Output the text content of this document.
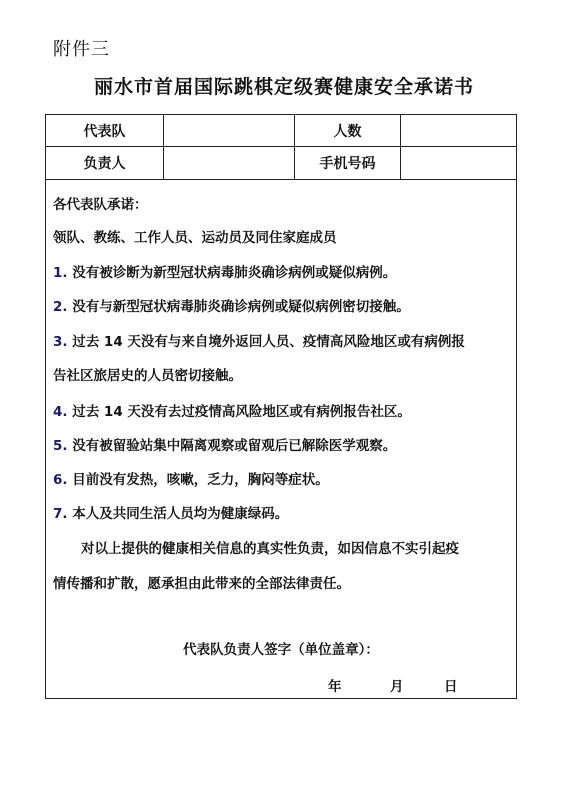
附件三
丽水市首届国际跳棋定级赛健康安全承诺书
代表队	人数
负责人	手机号码
各代表队承诺：
领队、教练、工作人员、运动员及同住家庭成员
1. 没有被诊断为新型冠状病毒肺炎确诊病例或疑似病例。
2. 没有与新型冠状病毒肺炎确诊病例或疑似病例密切接触。
3. 过去 14 天没有与来自境外返回人员、疫情高风险地区或有病例报
告社区旅居史的人员密切接触。
4. 过去 14 天没有去过疫情高风险地区或有病例报告社区。
5. 没有被留验站集中隔离观察或留观后已解除医学观察。
6. 目前没有发热，咳嗽，乏力，胸闷等症状。
7. 本人及共同生活人员均为健康绿码。
对以上提供的健康相关信息的真实性负责，如因信息不实引起疫
情传播和扩散，愿承担由此带来的全部法律责任。
代表队负责人签字（单位盖章）：
年	月	日
